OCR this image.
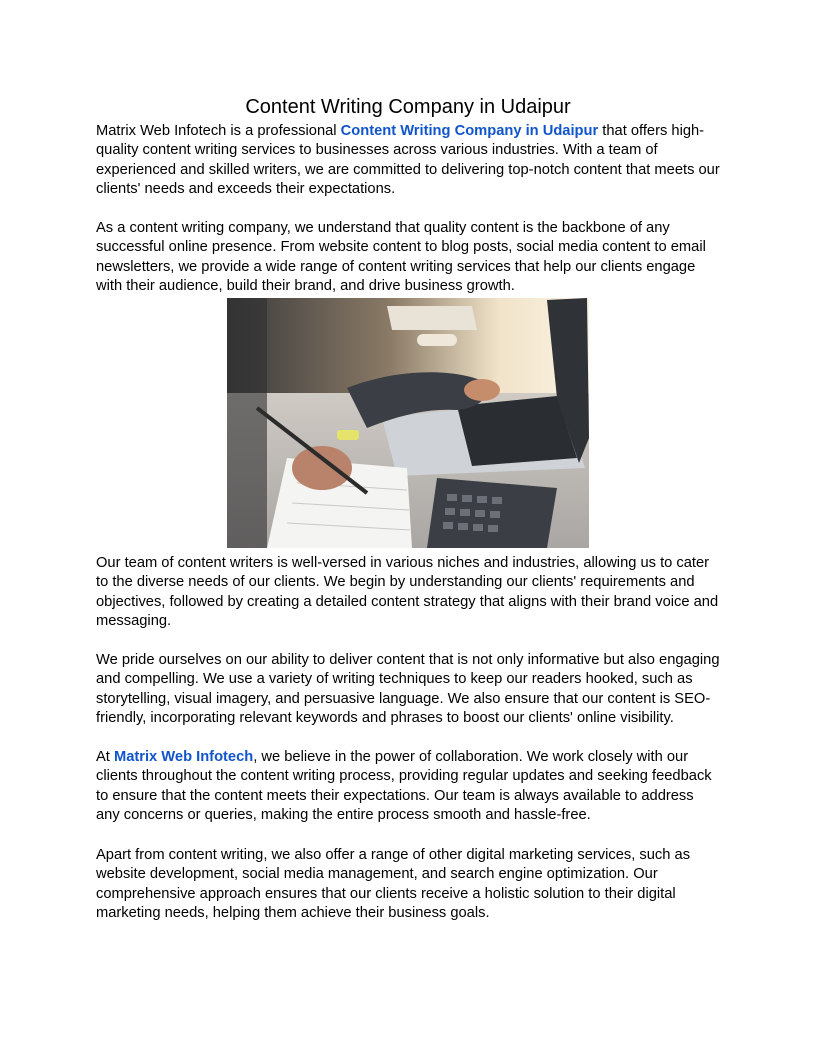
Content Writing Company in Udaipur

Matrix Web Infotech is a professional Content Writing Company in Udaipur that offers high-quality content writing services to businesses across various industries. With a team of experienced and skilled writers, we are committed to delivering top-notch content that meets our clients' needs and exceeds their expectations.

As a content writing company, we understand that quality content is the backbone of any successful online presence. From website content to blog posts, social media content to email newsletters, we provide a wide range of content writing services that help our clients engage with their audience, build their brand, and drive business growth.

Our team of content writers is well-versed in various niches and industries, allowing us to cater to the diverse needs of our clients. We begin by understanding our clients' requirements and objectives, followed by creating a detailed content strategy that aligns with their brand voice and messaging.

We pride ourselves on our ability to deliver content that is not only informative but also engaging and compelling. We use a variety of writing techniques to keep our readers hooked, such as storytelling, visual imagery, and persuasive language. We also ensure that our content is SEO-friendly, incorporating relevant keywords and phrases to boost our clients' online visibility.

At Matrix Web Infotech, we believe in the power of collaboration. We work closely with our clients throughout the content writing process, providing regular updates and seeking feedback to ensure that the content meets their expectations. Our team is always available to address any concerns or queries, making the entire process smooth and hassle-free.

Apart from content writing, we also offer a range of other digital marketing services, such as website development, social media management, and search engine optimization. Our comprehensive approach ensures that our clients receive a holistic solution to their digital marketing needs, helping them achieve their business goals.
